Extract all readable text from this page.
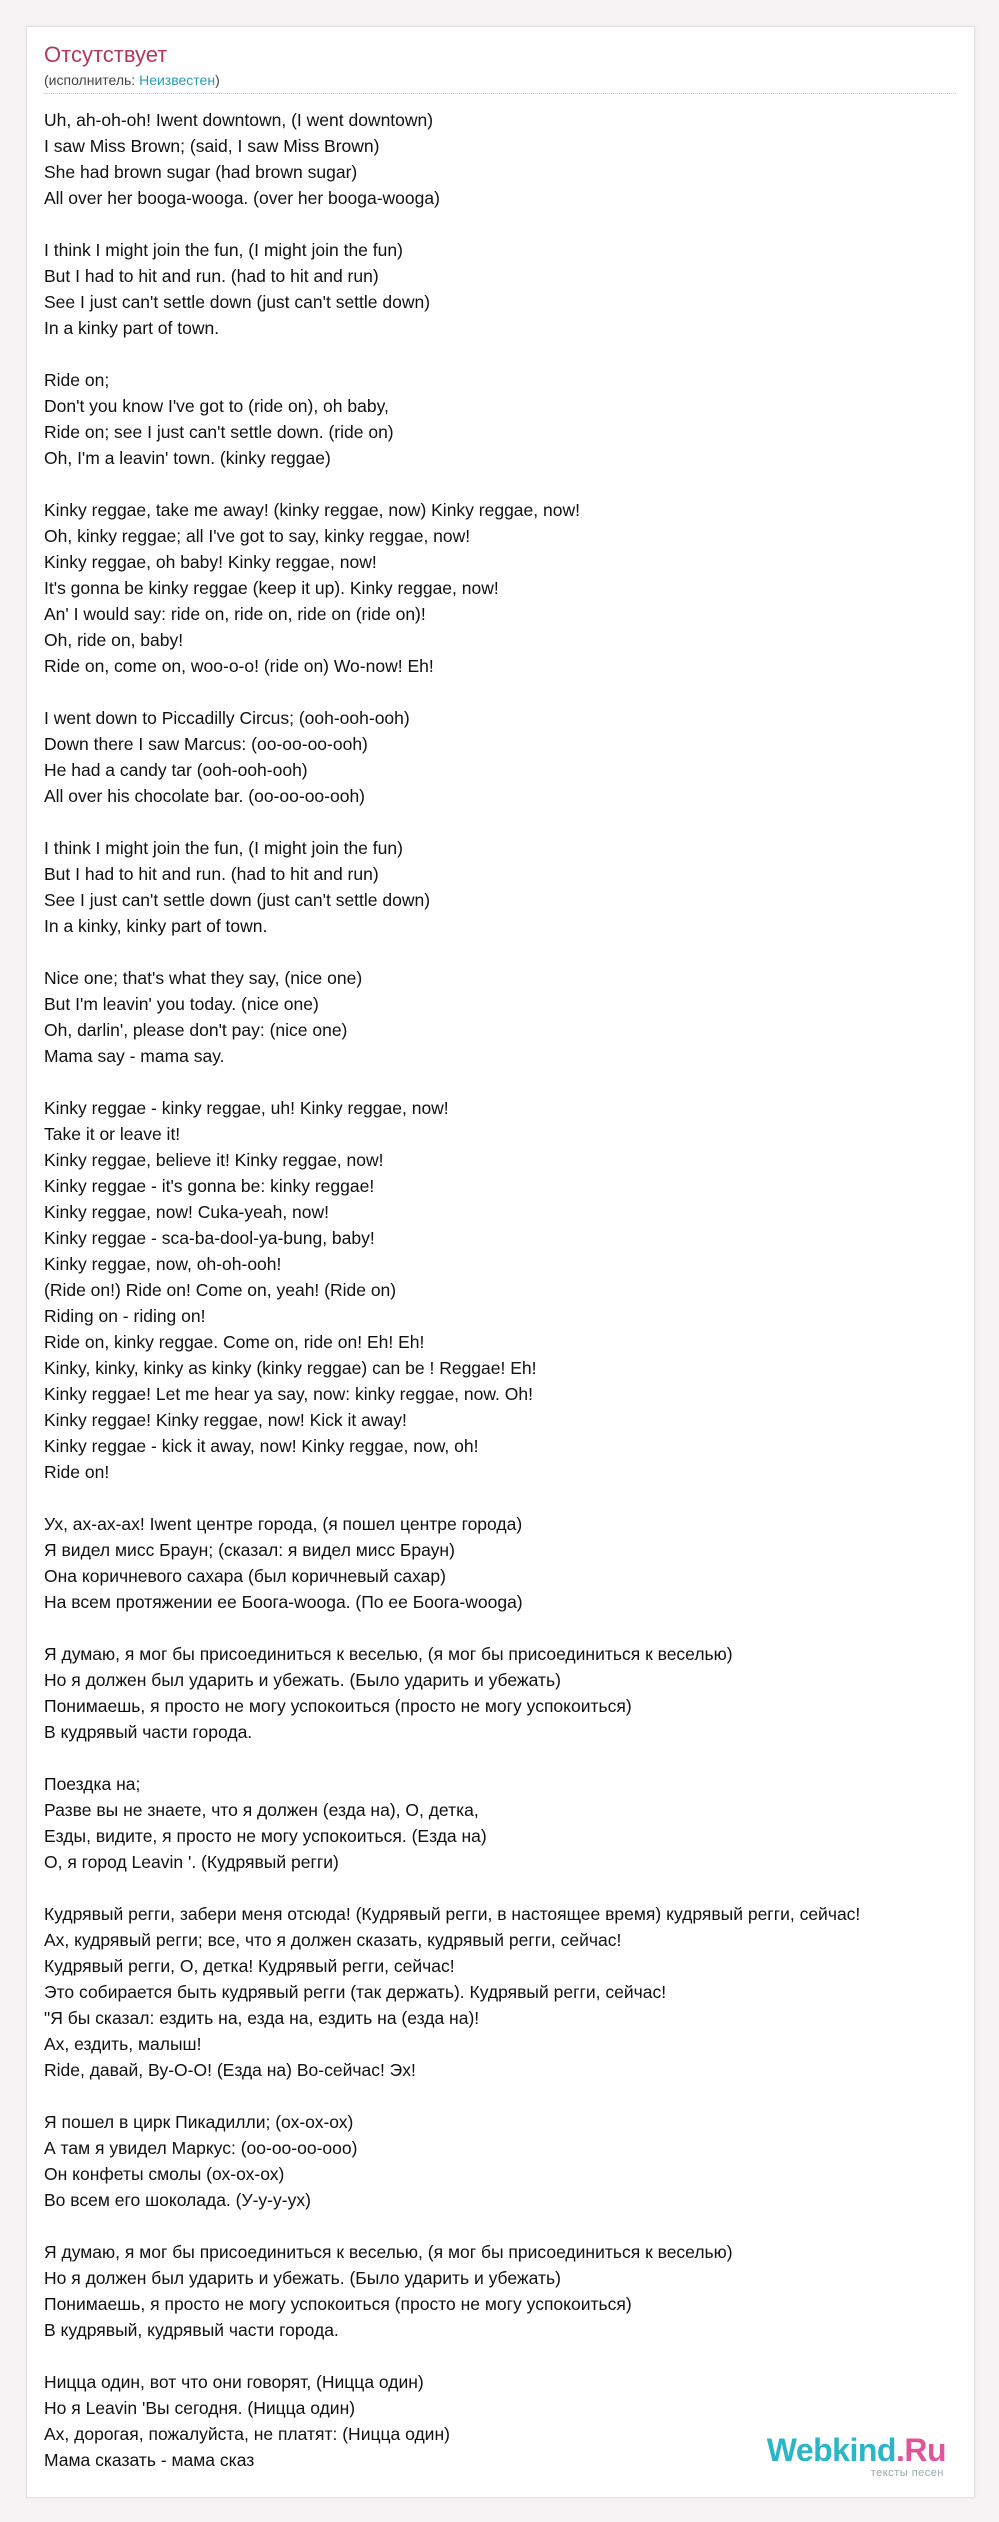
Отсутствует
(исполнитель: Неизвестен)
Uh, ah-oh-oh! Iwent downtown, (I went downtown)
I saw Miss Brown; (said, I saw Miss Brown)
She had brown sugar (had brown sugar)
All over her booga-wooga. (over her booga-wooga)
I think I might join the fun, (I might join the fun)
But I had to hit and run. (had to hit and run)
See I just can't settle down (just can't settle down)
In a kinky part of town.
Ride on;
Don't you know I've got to (ride on), oh baby,
Ride on; see I just can't settle down. (ride on)
Oh, I'm a leavin' town. (kinky reggae)
Kinky reggae, take me away! (kinky reggae, now) Kinky reggae, now!
Oh, kinky reggae; all I've got to say, kinky reggae, now!
Kinky reggae, oh baby! Kinky reggae, now!
It's gonna be kinky reggae (keep it up). Kinky reggae, now!
An' I would say: ride on, ride on, ride on (ride on)!
Oh, ride on, baby!
Ride on, come on, woo-o-o! (ride on) Wo-now! Eh!
I went down to Piccadilly Circus; (ooh-ooh-ooh)
Down there I saw Marcus: (oo-oo-oo-ooh)
He had a candy tar (ooh-ooh-ooh)
All over his chocolate bar. (oo-oo-oo-ooh)
I think I might join the fun, (I might join the fun)
But I had to hit and run. (had to hit and run)
See I just can't settle down (just can't settle down)
In a kinky, kinky part of town.
Nice one; that's what they say, (nice one)
But I'm leavin' you today. (nice one)
Oh, darlin', please don't pay: (nice one)
Mama say - mama say.
Kinky reggae - kinky reggae, uh! Kinky reggae, now!
Take it or leave it!
Kinky reggae, believe it! Kinky reggae, now!
Kinky reggae - it's gonna be: kinky reggae!
Kinky reggae, now! Cuka-yeah, now!
Kinky reggae - sca-ba-dool-ya-bung, baby!
Kinky reggae, now, oh-oh-ooh!
(Ride on!) Ride on! Come on, yeah! (Ride on)
Riding on - riding on!
Ride on, kinky reggae. Come on, ride on! Eh! Eh!
Kinky, kinky, kinky as kinky (kinky reggae) can be ! Reggae! Eh!
Kinky reggae! Let me hear ya say, now: kinky reggae, now. Oh!
Kinky reggae! Kinky reggae, now! Kick it away!
Kinky reggae - kick it away, now! Kinky reggae, now, oh!
Ride on!
Ух, ах-ах-ах! Iwent центре города, (я пошел центре города)
Я видел мисс Браун; (сказал: я видел мисс Браун)
Она коричневого сахара (был коричневый сахар)
На всем протяжении ее Боога-wooga. (По ее Боога-wooga)
Я думаю, я мог бы присоединиться к веселью, (я мог бы присоединиться к веселью)
Но я должен был ударить и убежать. (Было ударить и убежать)
Понимаешь, я просто не могу успокоиться (просто не могу успокоиться)
В кудрявый части города.
Поездка на;
Разве вы не знаете, что я должен (езда на), О, детка,
Езды, видите, я просто не могу успокоиться. (Езда на)
О, я город Leavin '. (Кудрявый регги)
Кудрявый регги, забери меня отсюда! (Кудрявый регги, в настоящее время) кудрявый регги, сейчас!
Ах, кудрявый регги; все, что я должен сказать, кудрявый регги, сейчас!
Кудрявый регги, О, детка! Кудрявый регги, сейчас!
Это собирается быть кудрявый регги (так держать). Кудрявый регги, сейчас!
"Я бы сказал: ездить на, езда на, ездить на (езда на)!
Ах, ездить, малыш!
Ride, давай, Ву-О-О! (Езда на) Во-сейчас! Эх!
Я пошел в цирк Пикадилли; (ох-ох-ох)
А там я увидел Маркус: (оо-оо-оо-ооо)
Он конфеты смолы (ох-ох-ох)
Во всем его шоколада. (У-у-у-ух)
Я думаю, я мог бы присоединиться к веселью, (я мог бы присоединиться к веселью)
Но я должен был ударить и убежать. (Было ударить и убежать)
Понимаешь, я просто не могу успокоиться (просто не могу успокоиться)
В кудрявый, кудрявый части города.
Ницца один, вот что они говорят, (Ницца один)
Но я Leavin 'Вы сегодня. (Ницца один)
Ах, дорогая, пожалуйста, не платят: (Ницца один)
Мама сказать - мама сказ	Webkind.Ru
тексты песен
